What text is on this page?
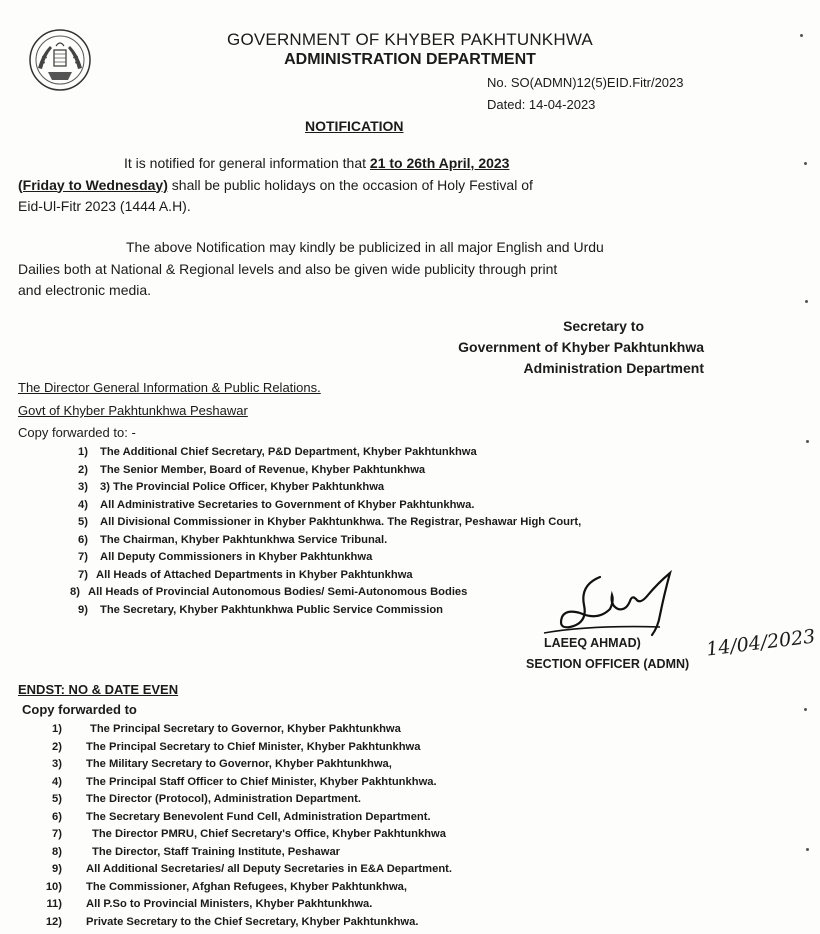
GOVERNMENT OF KHYBER PAKHTUNKHWA
ADMINISTRATION DEPARTMENT
No. SO(ADMN)12(5)EID.Fitr/2023
Dated: 14-04-2023
NOTIFICATION
It is notified for general information that 21 to 26th April, 2023
(Friday to Wednesday) shall be public holidays on the occasion of Holy Festival of
Eid-Ul-Fitr 2023 (1444 A.H).
The above Notification may kindly be publicized in all major English and Urdu
Dailies both at National & Regional levels and also be given wide publicity through print
and electronic media.
Secretary to
Government of Khyber Pakhtunkhwa
Administration Department
The Director General Information & Public Relations.
Govt of Khyber Pakhtunkhwa Peshawar
Copy forwarded to: -
1) The Additional Chief Secretary, P&D Department, Khyber Pakhtunkhwa
2) The Senior Member, Board of Revenue, Khyber Pakhtunkhwa
3) 3) The Provincial Police Officer, Khyber Pakhtunkhwa
4) All Administrative Secretaries to Government of Khyber Pakhtunkhwa.
5) All Divisional Commissioner in Khyber Pakhtunkhwa. The Registrar, Peshawar High Court,
6) The Chairman, Khyber Pakhtunkhwa Service Tribunal.
7) All Deputy Commissioners in Khyber Pakhtunkhwa
7) All Heads of Attached Departments in Khyber Pakhtunkhwa
8) All Heads of Provincial Autonomous Bodies/ Semi-Autonomous Bodies
9) The Secretary, Khyber Pakhtunkhwa Public Service Commission
LAEEQ AHMAD)
SECTION OFFICER (ADMN)
14/04/2023
ENDST: NO & DATE EVEN
Copy forwarded to
1)	The Principal Secretary to Governor, Khyber Pakhtunkhwa
2) The Principal Secretary to Chief Minister, Khyber Pakhtunkhwa
3) The Military Secretary to Governor, Khyber Pakhtunkhwa,
4) The Principal Staff Officer to Chief Minister, Khyber Pakhtunkhwa.
5) The Director (Protocol), Administration Department.
6) The Secretary Benevolent Fund Cell, Administration Department.
7)	The Director PMRU, Chief Secretary's Office, Khyber Pakhtunkhwa
8)	The Director, Staff Training Institute, Peshawar
9) All Additional Secretaries/ all Deputy Secretaries in E&A Department.
10) The Commissioner, Afghan Refugees, Khyber Pakhtunkhwa,
11) All P.So to Provincial Ministers, Khyber Pakhtunkhwa.
12) Private Secretary to the Chief Secretary, Khyber Pakhtunkhwa.
